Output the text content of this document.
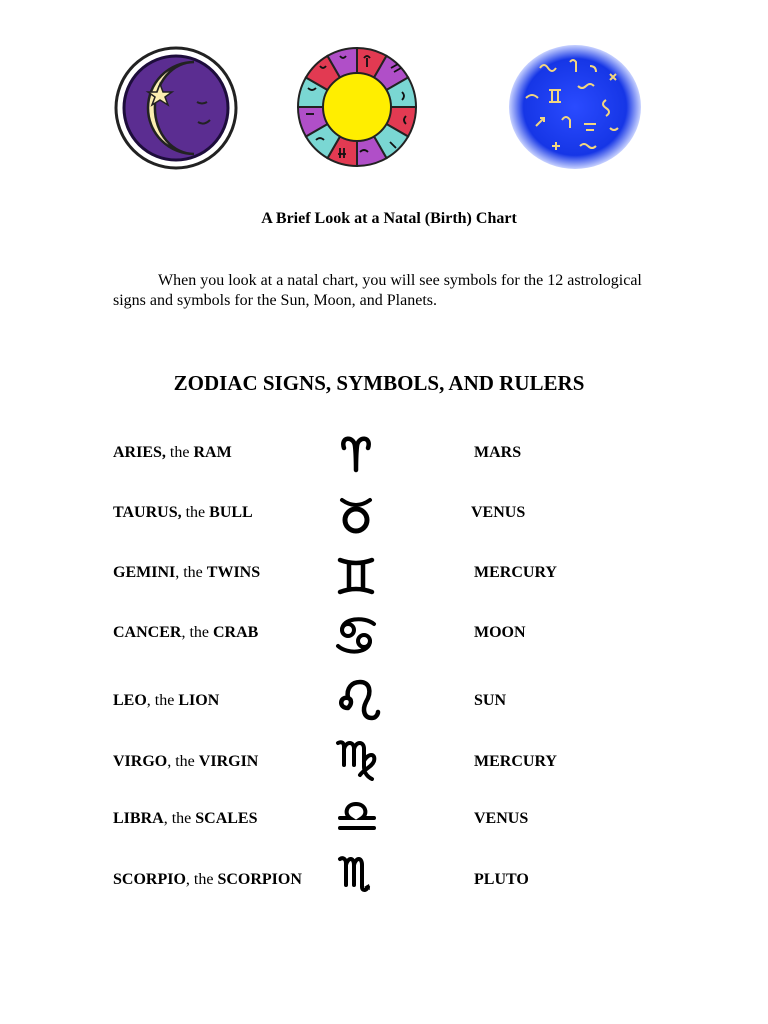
A Brief Look at a Natal (Birth) Chart
When you look at a natal chart, you will see symbols for the 12 astrological signs and symbols for the Sun, Moon, and Planets.
ZODIAC SIGNS, SYMBOLS, AND RULERS
ARIES, the RAM	MARS
TAURUS, the BULL	VENUS
GEMINI, the TWINS	MERCURY
CANCER, the CRAB	MOON
LEO, the LION	SUN
VIRGO, the VIRGIN	MERCURY
LIBRA, the SCALES	VENUS
SCORPIO, the SCORPION	PLUTO
